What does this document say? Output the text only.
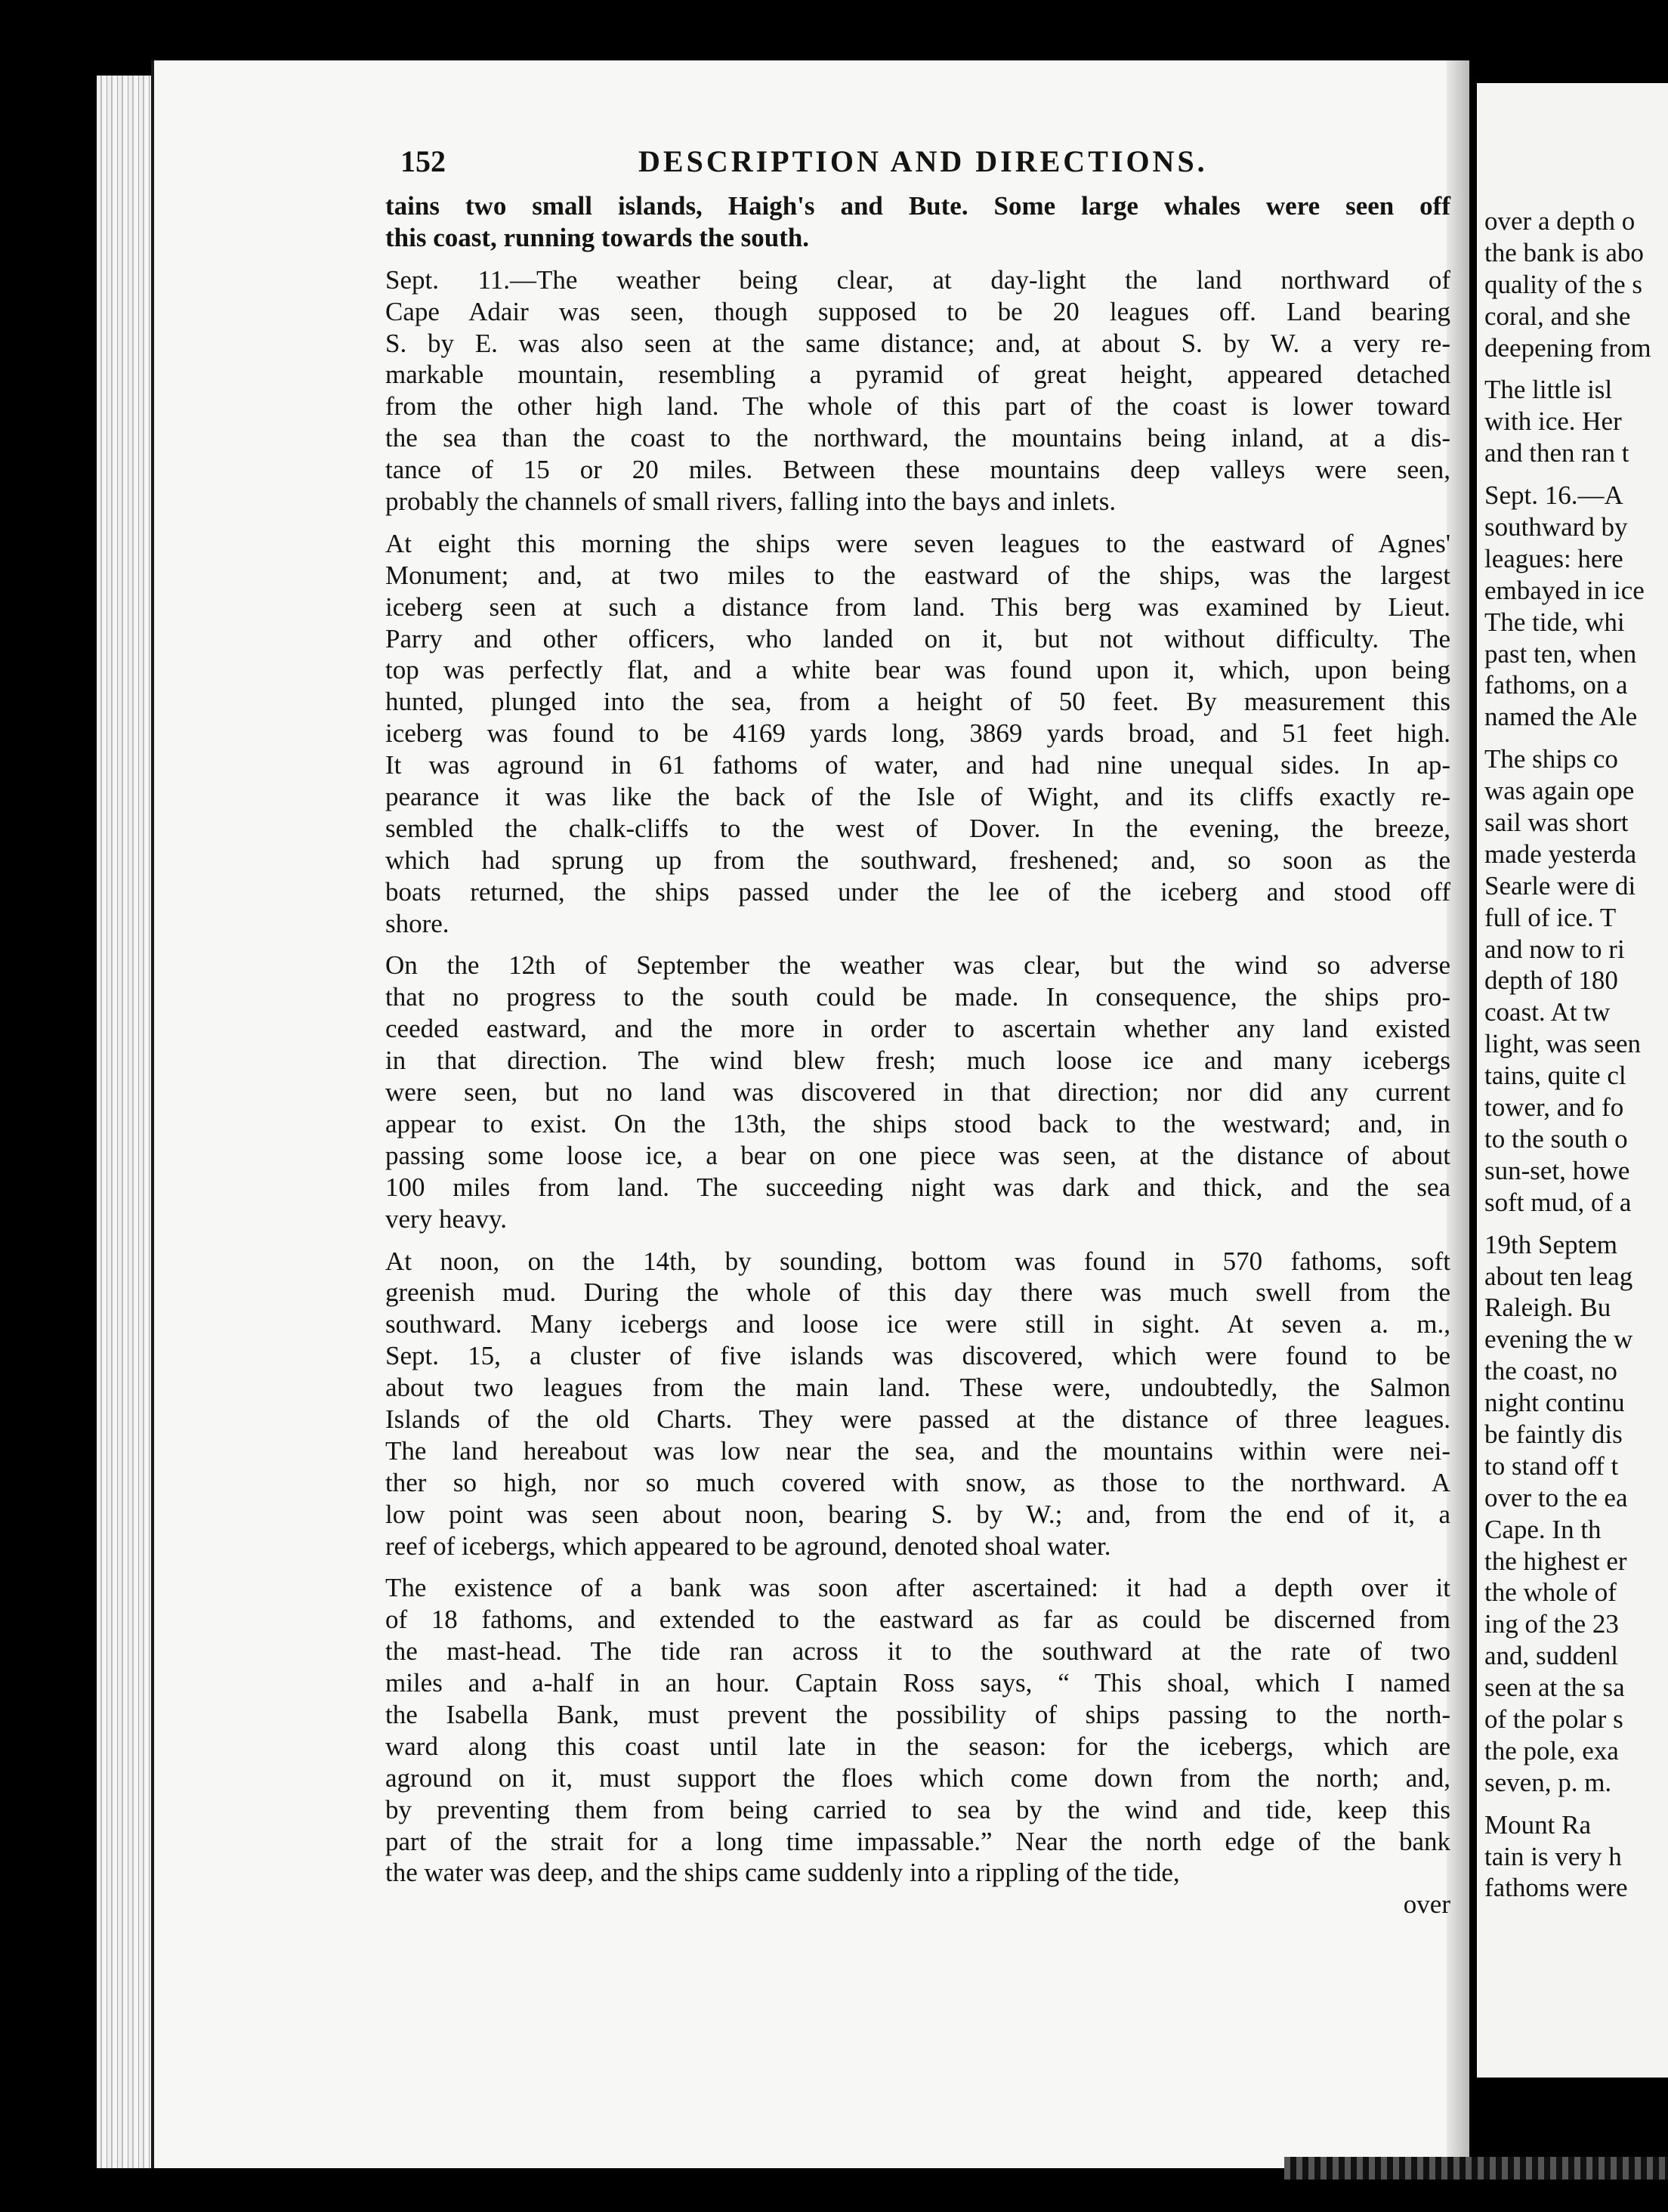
152	DESCRIPTION AND DIRECTIONS.
tains two small islands, Haigh's and Bute. Some large whales were seen off
this coast, running towards the south.
Sept. 11.—The weather being clear, at day-light the land northward of
Cape Adair was seen, though supposed to be 20 leagues off. Land bearing
S. by E. was also seen at the same distance; and, at about S. by W. a very re-
markable mountain, resembling a pyramid of great height, appeared detached
from the other high land. The whole of this part of the coast is lower toward
the sea than the coast to the northward, the mountains being inland, at a dis-
tance of 15 or 20 miles. Between these mountains deep valleys were seen,
probably the channels of small rivers, falling into the bays and inlets.
At eight this morning the ships were seven leagues to the eastward of Agnes'
Monument; and, at two miles to the eastward of the ships, was the largest
iceberg seen at such a distance from land. This berg was examined by Lieut.
Parry and other officers, who landed on it, but not without difficulty. The
top was perfectly flat, and a white bear was found upon it, which, upon being
hunted, plunged into the sea, from a height of 50 feet. By measurement this
iceberg was found to be 4169 yards long, 3869 yards broad, and 51 feet high.
It was aground in 61 fathoms of water, and had nine unequal sides. In ap-
pearance it was like the back of the Isle of Wight, and its cliffs exactly re-
sembled the chalk-cliffs to the west of Dover. In the evening, the breeze,
which had sprung up from the southward, freshened; and, so soon as the
boats returned, the ships passed under the lee of the iceberg and stood off
shore.
On the 12th of September the weather was clear, but the wind so adverse
that no progress to the south could be made. In consequence, the ships pro-
ceeded eastward, and the more in order to ascertain whether any land existed
in that direction. The wind blew fresh; much loose ice and many icebergs
were seen, but no land was discovered in that direction; nor did any current
appear to exist. On the 13th, the ships stood back to the westward; and, in
passing some loose ice, a bear on one piece was seen, at the distance of about
100 miles from land. The succeeding night was dark and thick, and the sea
very heavy.
At noon, on the 14th, by sounding, bottom was found in 570 fathoms, soft
greenish mud. During the whole of this day there was much swell from the
southward. Many icebergs and loose ice were still in sight. At seven a. m.,
Sept. 15, a cluster of five islands was discovered, which were found to be
about two leagues from the main land. These were, undoubtedly, the Salmon
Islands of the old Charts. They were passed at the distance of three leagues.
The land hereabout was low near the sea, and the mountains within were nei-
ther so high, nor so much covered with snow, as those to the northward. A
low point was seen about noon, bearing S. by W.; and, from the end of it, a
reef of icebergs, which appeared to be aground, denoted shoal water.
The existence of a bank was soon after ascertained: it had a depth over it
of 18 fathoms, and extended to the eastward as far as could be discerned from
the mast-head. The tide ran across it to the southward at the rate of two
miles and a-half in an hour. Captain Ross says, “ This shoal, which I named
the Isabella Bank, must prevent the possibility of ships passing to the north-
ward along this coast until late in the season: for the icebergs, which are
aground on it, must support the floes which come down from the north; and,
by preventing them from being carried to sea by the wind and tide, keep this
part of the strait for a long time impassable.” Near the north edge of the bank
the water was deep, and the ships came suddenly into a rippling of the tide,
over
over a depth o
the bank is abo
quality of the s
coral, and she
deepening from
The little isl
with ice. Her
and then ran t
Sept. 16.—A
southward by
leagues: here
embayed in ice
The tide, whi
past ten, when
fathoms, on a
named the Ale
The ships co
was again ope
sail was short
made yesterda
Searle were di
full of ice. T
and now to ri
depth of 180
coast. At tw
light, was seen
tains, quite cl
tower, and fo
to the south o
sun-set, howe
soft mud, of a
19th Septem
about ten leag
Raleigh. Bu
evening the w
the coast, no
night continu
be faintly dis
to stand off t
over to the ea
Cape. In th
the highest er
the whole of
ing of the 23
and, suddenl
seen at the sa
of the polar s
the pole, exa
seven, p. m.
Mount Ra
tain is very h
fathoms were
